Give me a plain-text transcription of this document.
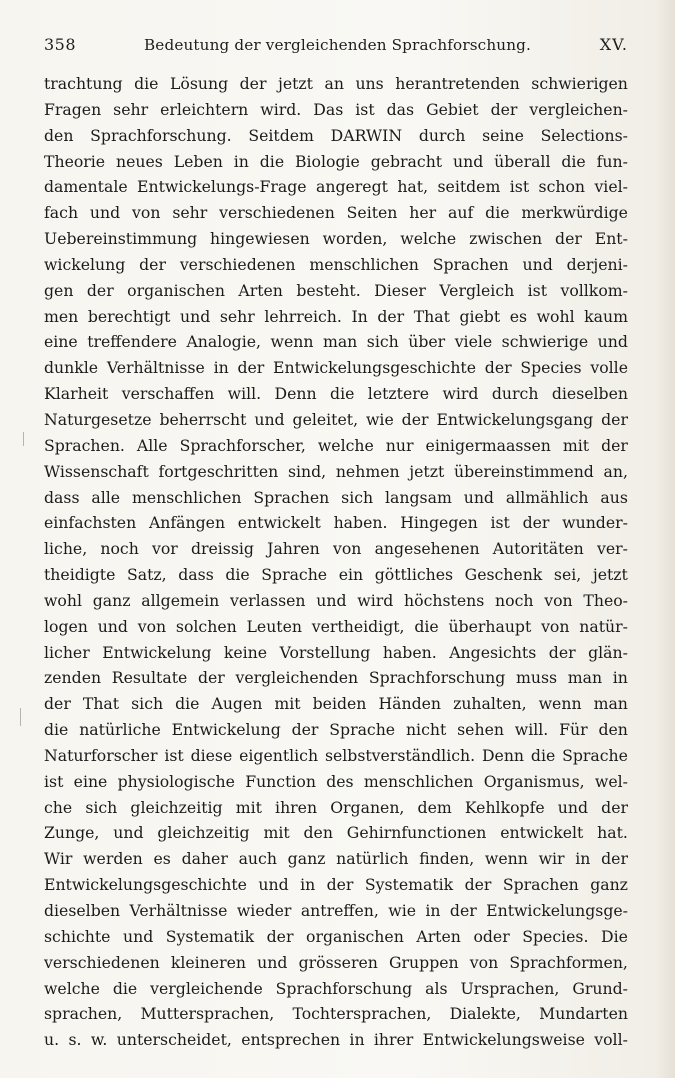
358	Bedeutung der vergleichenden Sprachforschung.	XV.
trachtung die Lösung der jetzt an uns herantretenden schwierigen
Fragen sehr erleichtern wird. Das ist das Gebiet der vergleichen-
den Sprachforschung. Seitdem DARWIN durch seine Selections-
Theorie neues Leben in die Biologie gebracht und überall die fun-
damentale Entwickelungs-Frage angeregt hat, seitdem ist schon viel-
fach und von sehr verschiedenen Seiten her auf die merkwürdige
Uebereinstimmung hingewiesen worden, welche zwischen der Ent-
wickelung der verschiedenen menschlichen Sprachen und derjeni-
gen der organischen Arten besteht. Dieser Vergleich ist vollkom-
men berechtigt und sehr lehrreich. In der That giebt es wohl kaum
eine treffendere Analogie, wenn man sich über viele schwierige und
dunkle Verhältnisse in der Entwickelungsgeschichte der Species volle
Klarheit verschaffen will. Denn die letztere wird durch dieselben
Naturgesetze beherrscht und geleitet, wie der Entwickelungsgang der
Sprachen. Alle Sprachforscher, welche nur einigermaassen mit der
Wissenschaft fortgeschritten sind, nehmen jetzt übereinstimmend an,
dass alle menschlichen Sprachen sich langsam und allmählich aus
einfachsten Anfängen entwickelt haben. Hingegen ist der wunder-
liche, noch vor dreissig Jahren von angesehenen Autoritäten ver-
theidigte Satz, dass die Sprache ein göttliches Geschenk sei, jetzt
wohl ganz allgemein verlassen und wird höchstens noch von Theo-
logen und von solchen Leuten vertheidigt, die überhaupt von natür-
licher Entwickelung keine Vorstellung haben. Angesichts der glän-
zenden Resultate der vergleichenden Sprachforschung muss man in
der That sich die Augen mit beiden Händen zuhalten, wenn man
die natürliche Entwickelung der Sprache nicht sehen will. Für den
Naturforscher ist diese eigentlich selbstverständlich. Denn die Sprache
ist eine physiologische Function des menschlichen Organismus, wel-
che sich gleichzeitig mit ihren Organen, dem Kehlkopfe und der
Zunge, und gleichzeitig mit den Gehirnfunctionen entwickelt hat.
Wir werden es daher auch ganz natürlich finden, wenn wir in der
Entwickelungsgeschichte und in der Systematik der Sprachen ganz
dieselben Verhältnisse wieder antreffen, wie in der Entwickelungsge-
schichte und Systematik der organischen Arten oder Species. Die
verschiedenen kleineren und grösseren Gruppen von Sprachformen,
welche die vergleichende Sprachforschung als Ursprachen, Grund-
sprachen, Muttersprachen, Tochtersprachen, Dialekte, Mundarten
u. s. w. unterscheidet, entsprechen in ihrer Entwickelungsweise voll-
